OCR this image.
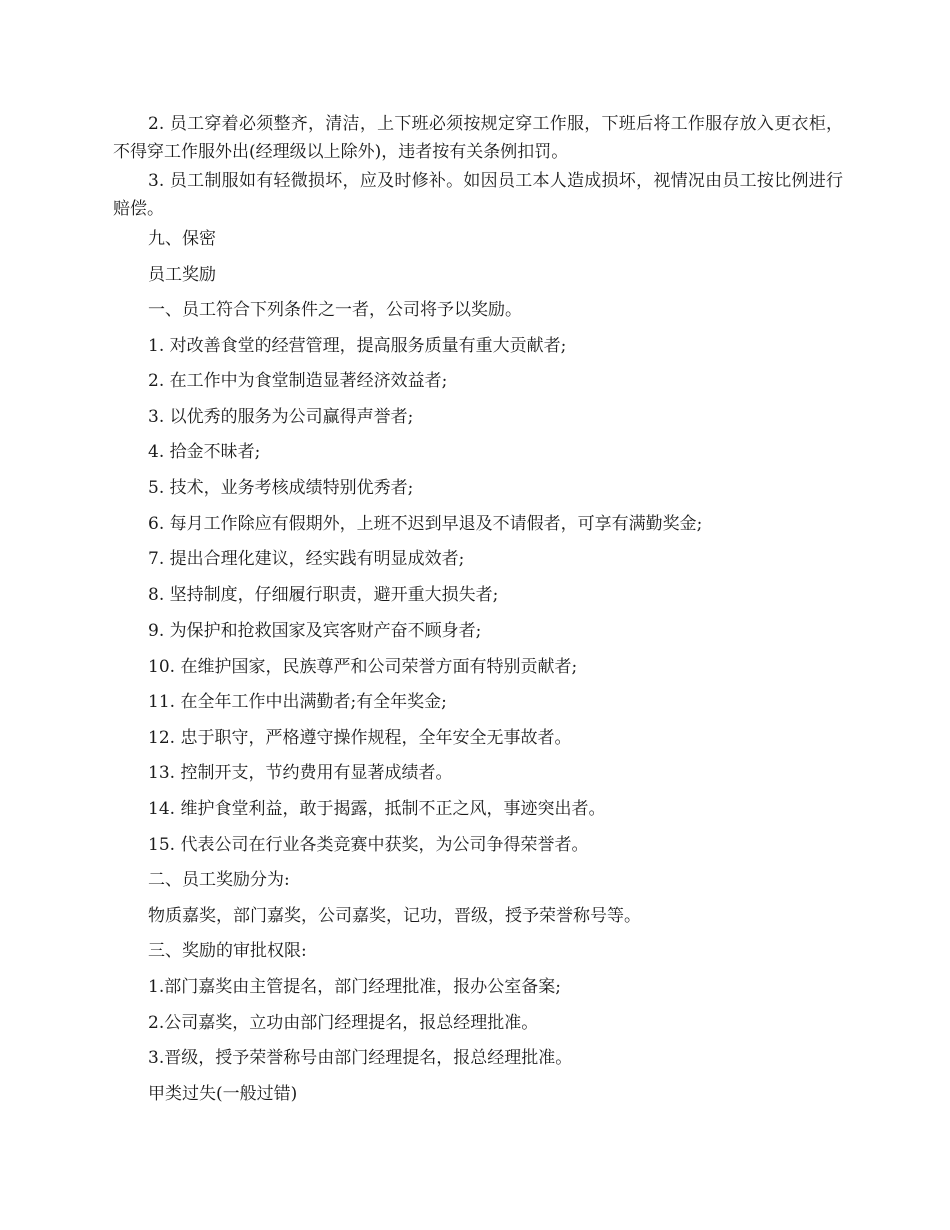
2. 员工穿着必须整齐，清洁，上下班必须按规定穿工作服，下班后将工作服存放入更衣柜，不得穿工作服外出(经理级以上除外)，违者按有关条例扣罚。

3. 员工制服如有轻微损坏，应及时修补。如因员工本人造成损坏，视情况由员工按比例进行赔偿。

九、保密

员工奖励

一、员工符合下列条件之一者，公司将予以奖励。

1. 对改善食堂的经营管理，提高服务质量有重大贡献者;

2. 在工作中为食堂制造显著经济效益者;

3. 以优秀的服务为公司赢得声誉者;

4. 拾金不昧者;

5. 技术，业务考核成绩特别优秀者;

6. 每月工作除应有假期外，上班不迟到早退及不请假者，可享有满勤奖金;

7. 提出合理化建议，经实践有明显成效者;

8. 坚持制度，仔细履行职责，避开重大损失者;

9. 为保护和抢救国家及宾客财产奋不顾身者;

10. 在维护国家，民族尊严和公司荣誉方面有特别贡献者;

11. 在全年工作中出满勤者;有全年奖金;

12. 忠于职守，严格遵守操作规程，全年安全无事故者。

13. 控制开支，节约费用有显著成绩者。

14. 维护食堂利益，敢于揭露，抵制不正之风，事迹突出者。

15. 代表公司在行业各类竞赛中获奖，为公司争得荣誉者。

二、员工奖励分为:

物质嘉奖，部门嘉奖，公司嘉奖，记功，晋级，授予荣誉称号等。

三、奖励的审批权限:

1.部门嘉奖由主管提名，部门经理批准，报办公室备案;

2.公司嘉奖，立功由部门经理提名，报总经理批准。

3.晋级，授予荣誉称号由部门经理提名，报总经理批准。

甲类过失(一般过错)
